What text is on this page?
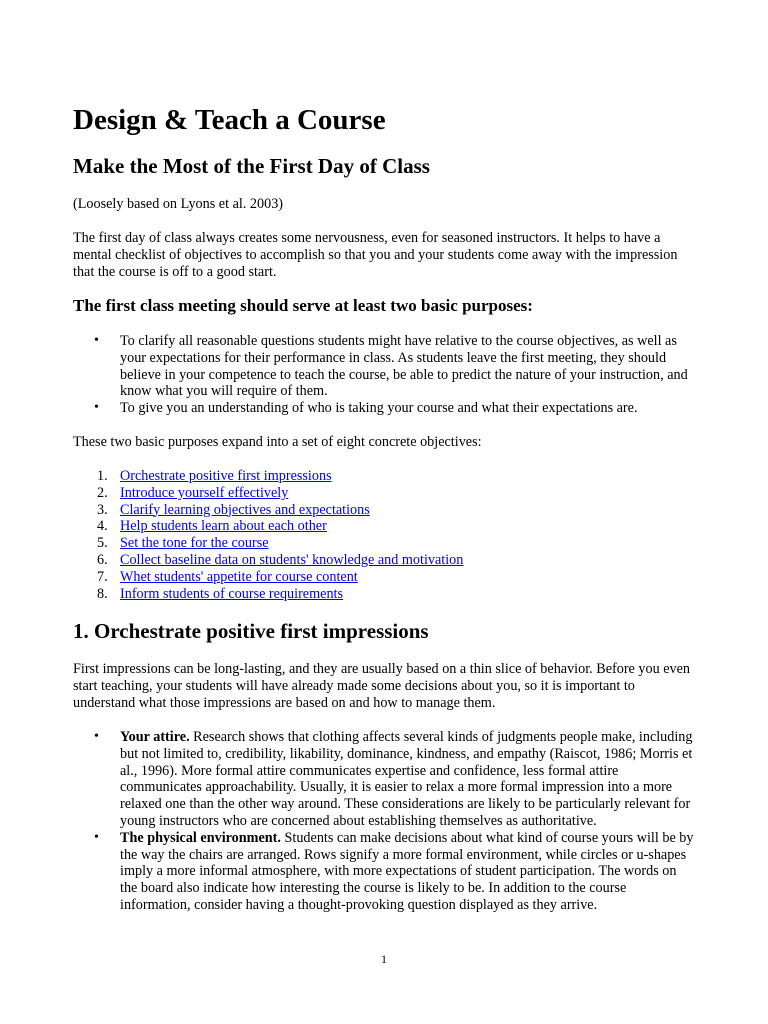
Design & Teach a Course
Make the Most of the First Day of Class

(Loosely based on Lyons et al. 2003)

The first day of class always creates some nervousness, even for seasoned instructors. It helps to have a mental checklist of objectives to accomplish so that you and your students come away with the impression that the course is off to a good start.

The first class meeting should serve at least two basic purposes:
• To clarify all reasonable questions students might have relative to the course objectives, as well as your expectations for their performance in class. As students leave the first meeting, they should believe in your competence to teach the course, be able to predict the nature of your instruction, and know what you will require of them.
• To give you an understanding of who is taking your course and what their expectations are.

These two basic purposes expand into a set of eight concrete objectives:

1. Orchestrate positive first impressions
2. Introduce yourself effectively
3. Clarify learning objectives and expectations
4. Help students learn about each other
5. Set the tone for the course
6. Collect baseline data on students' knowledge and motivation
7. Whet students' appetite for course content
8. Inform students of course requirements
1. Orchestrate positive first impressions

First impressions can be long-lasting, and they are usually based on a thin slice of behavior. Before you even start teaching, your students will have already made some decisions about you, so it is important to understand what those impressions are based on and how to manage them.

• Your attire. Research shows that clothing affects several kinds of judgments people make, including but not limited to, credibility, likability, dominance, kindness, and empathy (Raiscot, 1986; Morris et al., 1996). More formal attire communicates expertise and confidence, less formal attire communicates approachability. Usually, it is easier to relax a more formal impression into a more relaxed one than the other way around. These considerations are likely to be particularly relevant for young instructors who are concerned about establishing themselves as authoritative.
• The physical environment. Students can make decisions about what kind of course yours will be by the way the chairs are arranged. Rows signify a more formal environment, while circles or u-shapes imply a more informal atmosphere, with more expectations of student participation. The words on the board also indicate how interesting the course is likely to be. In addition to the course information, consider having a thought-provoking question displayed as they arrive.
1
